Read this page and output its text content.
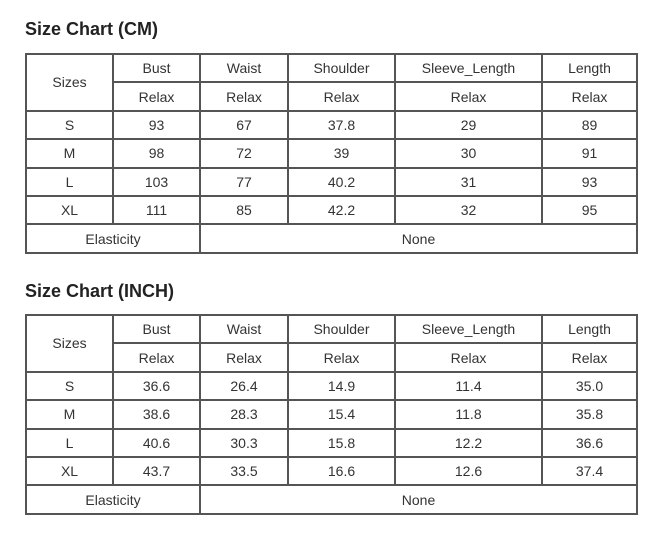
Size Chart (CM)
Sizes	Bust	Waist	Shoulder	Sleeve_Length	Length
	Relax	Relax	Relax	Relax	Relax
S	93	67	37.8	29	89
M	98	72	39	30	91
L	103	77	40.2	31	93
XL	111	85	42.2	32	95
Elasticity		None			
Size Chart (INCH)
Sizes	Bust	Waist	Shoulder	Sleeve_Length	Length
	Relax	Relax	Relax	Relax	Relax
S	36.6	26.4	14.9	11.4	35.0
M	38.6	28.3	15.4	11.8	35.8
L	40.6	30.3	15.8	12.2	36.6
XL	43.7	33.5	16.6	12.6	37.4
Elasticity		None			
